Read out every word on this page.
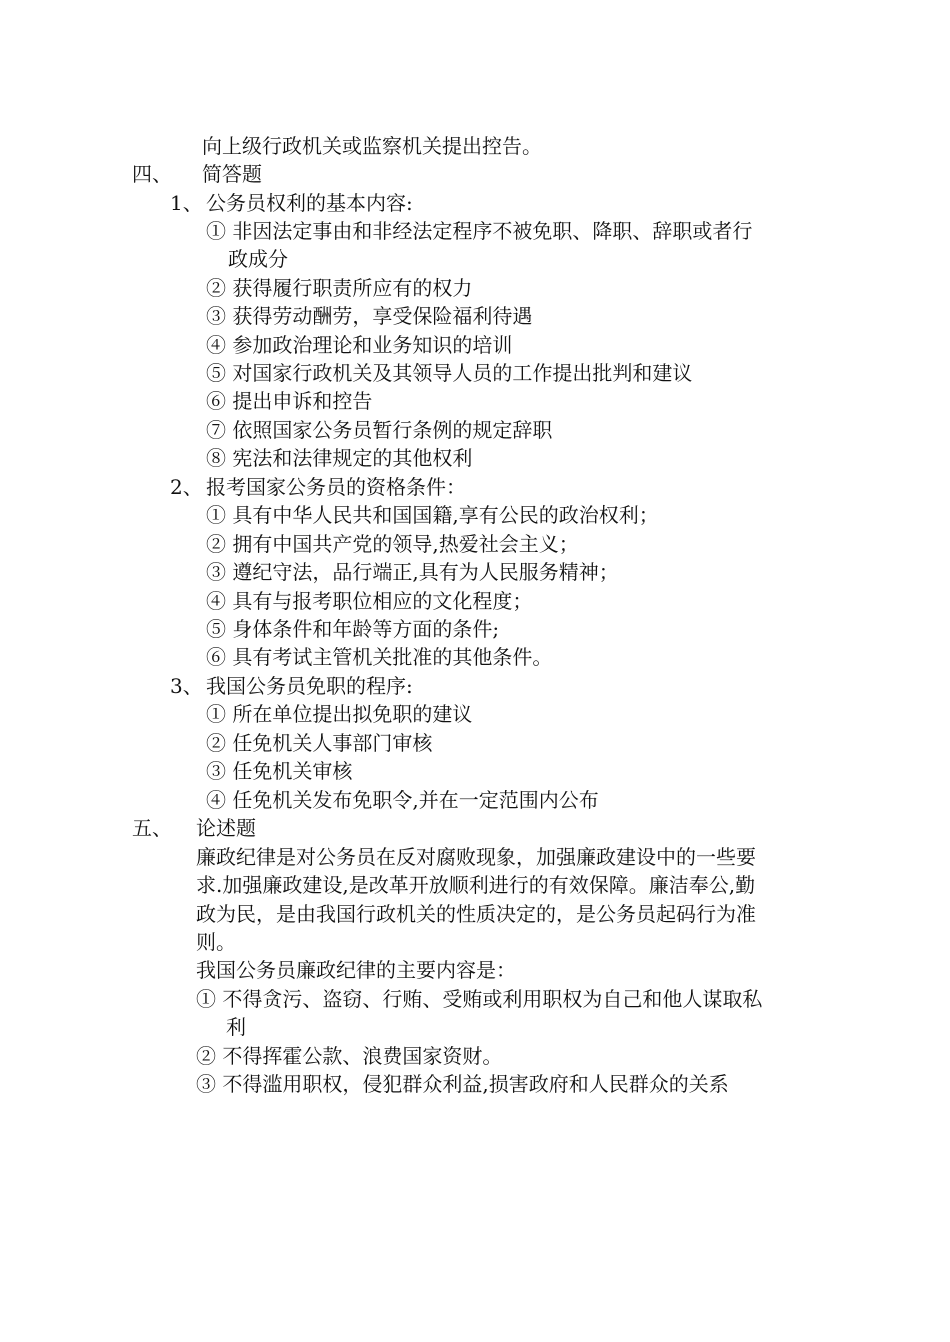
向上级行政机关或监察机关提出控告。
四、 简答题
1、 公务员权利的基本内容:
① 非因法定事由和非经法定程序不被免职、降职、辞职或者行
政成分
② 获得履行职责所应有的权力
③ 获得劳动酬劳，享受保险福利待遇
④ 参加政治理论和业务知识的培训
⑤ 对国家行政机关及其领导人员的工作提出批判和建议
⑥ 提出申诉和控告
⑦ 依照国家公务员暂行条例的规定辞职
⑧ 宪法和法律规定的其他权利
2、 报考国家公务员的资格条件：
① 具有中华人民共和国国籍,享有公民的政治权利；
② 拥有中国共产党的领导,热爱社会主义；
③ 遵纪守法，品行端正,具有为人民服务精神；
④ 具有与报考职位相应的文化程度；
⑤ 身体条件和年龄等方面的条件;
⑥ 具有考试主管机关批准的其他条件。
3、 我国公务员免职的程序:
① 所在单位提出拟免职的建议
② 任免机关人事部门审核
③ 任免机关审核
④ 任免机关发布免职令,并在一定范围内公布
五、 论述题
廉政纪律是对公务员在反对腐败现象，加强廉政建设中的一些要
求.加强廉政建设,是改革开放顺利进行的有效保障。廉洁奉公,勤
政为民，是由我国行政机关的性质决定的，是公务员起码行为准
则。
我国公务员廉政纪律的主要内容是：
① 不得贪污、盗窃、行贿、受贿或利用职权为自己和他人谋取私
利
② 不得挥霍公款、浪费国家资财。
③ 不得滥用职权，侵犯群众利益,损害政府和人民群众的关系
